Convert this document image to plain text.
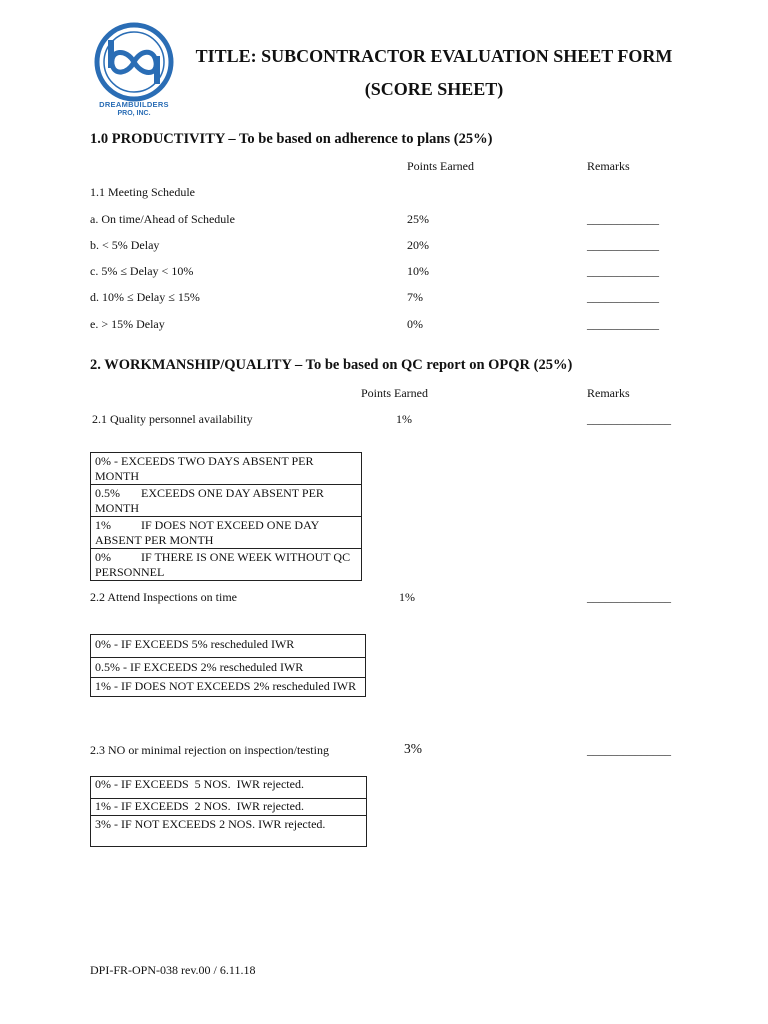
DREAMBUILDERS
PRO, INC.
TITLE: SUBCONTRACTOR EVALUATION SHEET FORM
(SCORE SHEET)
1.0 PRODUCTIVITY – To be based on adherence to plans (25%)
Points Earned	Remarks
1.1 Meeting Schedule
a. On time/Ahead of Schedule	25%	____________
b. < 5% Delay	20%	____________
c. 5% ≤ Delay < 10%	10%	____________
d. 10% ≤ Delay ≤ 15%	7%	____________
e. > 15% Delay	0%	____________
2. WORKMANSHIP/QUALITY – To be based on QC report on OPQR (25%)
Points Earned	Remarks
2.1 Quality personnel availability	1%	______________
0% - EXCEEDS TWO DAYS ABSENT PER MONTH
0.5%       EXCEEDS ONE DAY ABSENT PER MONTH
1%          IF DOES NOT EXCEED ONE DAY ABSENT PER MONTH
0%          IF THERE IS ONE WEEK WITHOUT QC PERSONNEL
2.2 Attend Inspections on time	1%	______________
0% - IF EXCEEDS 5% rescheduled IWR
0.5% - IF EXCEEDS 2% rescheduled IWR
1% - IF DOES NOT EXCEEDS 2% rescheduled IWR
2.3 NO or minimal rejection on inspection/testing	3%	______________
0% - IF EXCEEDS  5 NOS.  IWR rejected.
1% - IF EXCEEDS  2 NOS.  IWR rejected.
3% - IF NOT EXCEEDS 2 NOS. IWR rejected.
DPI-FR-OPN-038 rev.00 / 6.11.18
